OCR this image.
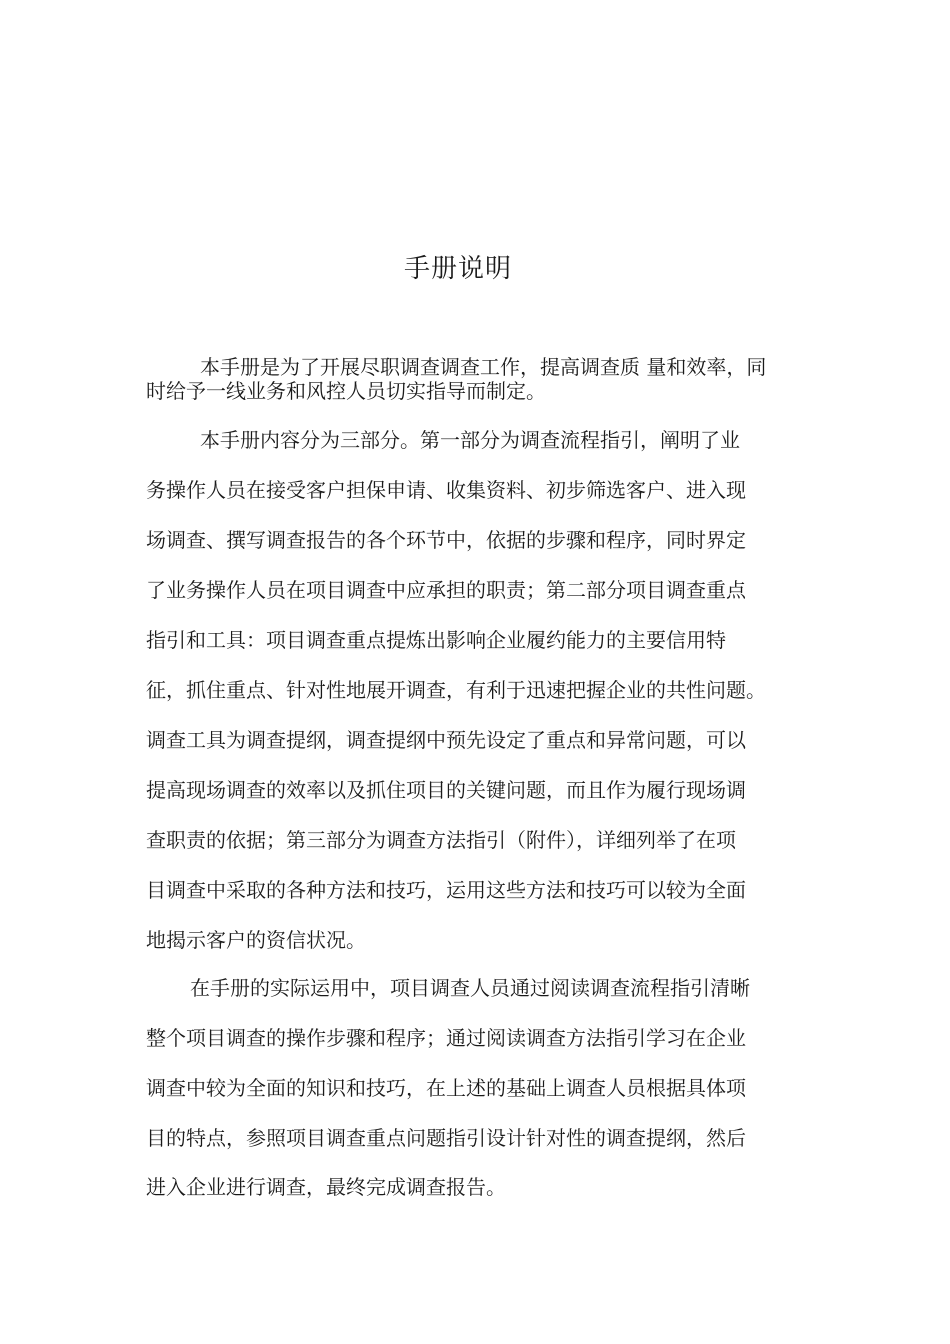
手册说明
本手册是为了开展尽职调查调查工作，提高调查质 量和效率，同
时给予一线业务和风控人员切实指导而制定。
本手册内容分为三部分。第一部分为调查流程指引，阐明了业
务操作人员在接受客户担保申请、收集资料、初步筛选客户、进入现
场调查、撰写调查报告的各个环节中，依据的步骤和程序，同时界定
了业务操作人员在项目调查中应承担的职责；第二部分项目调查重点
指引和工具：项目调查重点提炼出影响企业履约能力的主要信用特
征，抓住重点、针对性地展开调查，有利于迅速把握企业的共性问题。
调查工具为调查提纲，调查提纲中预先设定了重点和异常问题，可以
提高现场调查的效率以及抓住项目的关键问题，而且作为履行现场调
查职责的依据；第三部分为调查方法指引（附件），详细列举了在项
目调查中采取的各种方法和技巧，运用这些方法和技巧可以较为全面
地揭示客户的资信状况。
在手册的实际运用中，项目调查人员通过阅读调查流程指引清晰
整个项目调查的操作步骤和程序；通过阅读调查方法指引学习在企业
调查中较为全面的知识和技巧，在上述的基础上调查人员根据具体项
目的特点，参照项目调查重点问题指引设计针对性的调查提纲，然后
进入企业进行调查，最终完成调查报告。
